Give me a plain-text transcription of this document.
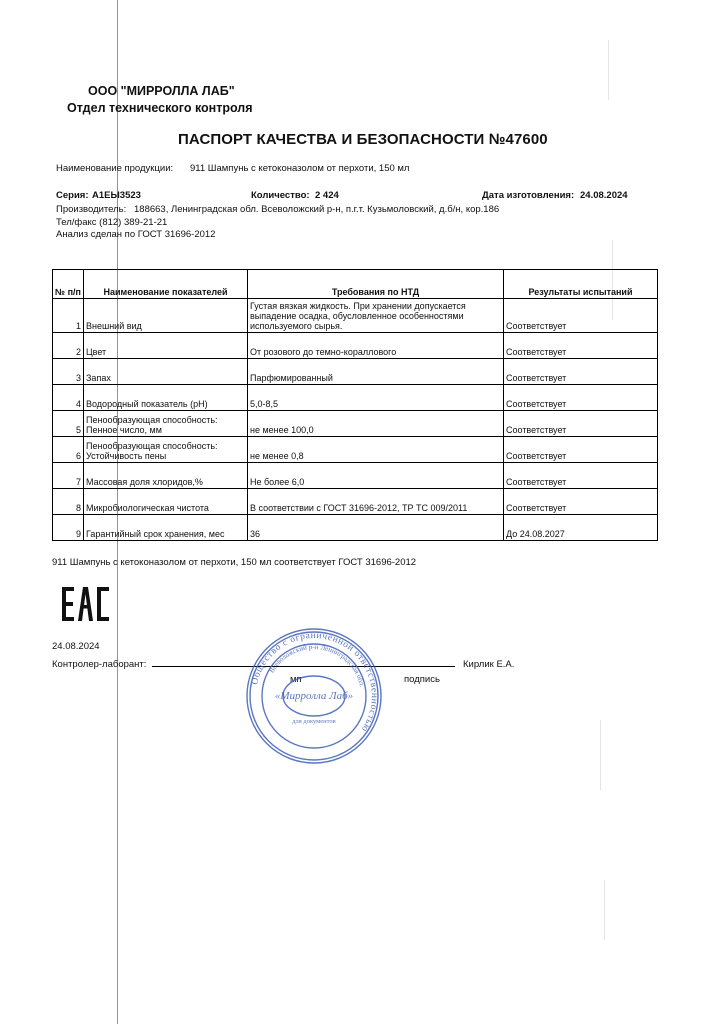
ООО "МИРРОЛЛА ЛАБ"
Отдел технического контроля
ПАСПОРТ КАЧЕСТВА И БЕЗОПАСНОСТИ №47600
Наименование продукции: 911 Шампунь с кетоконазолом от перхоти, 150 мл
Серия: А1ЕЫ3523	Количество: 2 424	Дата изготовления: 24.08.2024
Производитель: 188663, Ленинградская обл. Всеволожский р-н, п.г.т. Кузьмоловский, д.б/н, кор.186
Тел/факс (812) 389-21-21
Анализ сделан по ГОСТ 31696-2012
№ п/п	Наименование показателей	Требования по НТД	Результаты испытаний
1	Внешний вид	Густая вязкая жидкость. При хранении допускается выпадение осадка, обусловленное особенностями используемого сырья.	Соответствует
2	Цвет	От розового до темно-кораллового	Соответствует
3	Запах	Парфюмированный	Соответствует
4	Водородный показатель (рН)	5,0-8,5	Соответствует
5	Пенообразующая способность: Пенное число, мм	не менее 100,0	Соответствует
6	Пенообразующая способность: Устойчивость пены	не менее 0,8	Соответствует
7	Массовая доля хлоридов,%	Не более 6,0	Соответствует
8	Микробиологическая чистота	В соответствии с ГОСТ 31696-2012, ТР ТС 009/2011	Соответствует
9	Гарантийный срок хранения, мес	36	До 24.08.2027
911 Шампунь с кетоконазолом от перхоти, 150 мл соответствует ГОСТ 31696-2012
24.08.2024
Контролер-лаборант:	Кирлик Е.А.
мп	подпись
Общество с ограниченной ответственностью
Всеволожский р-н Ленинградская обл.
«Мирролла Лаб»
для документов
